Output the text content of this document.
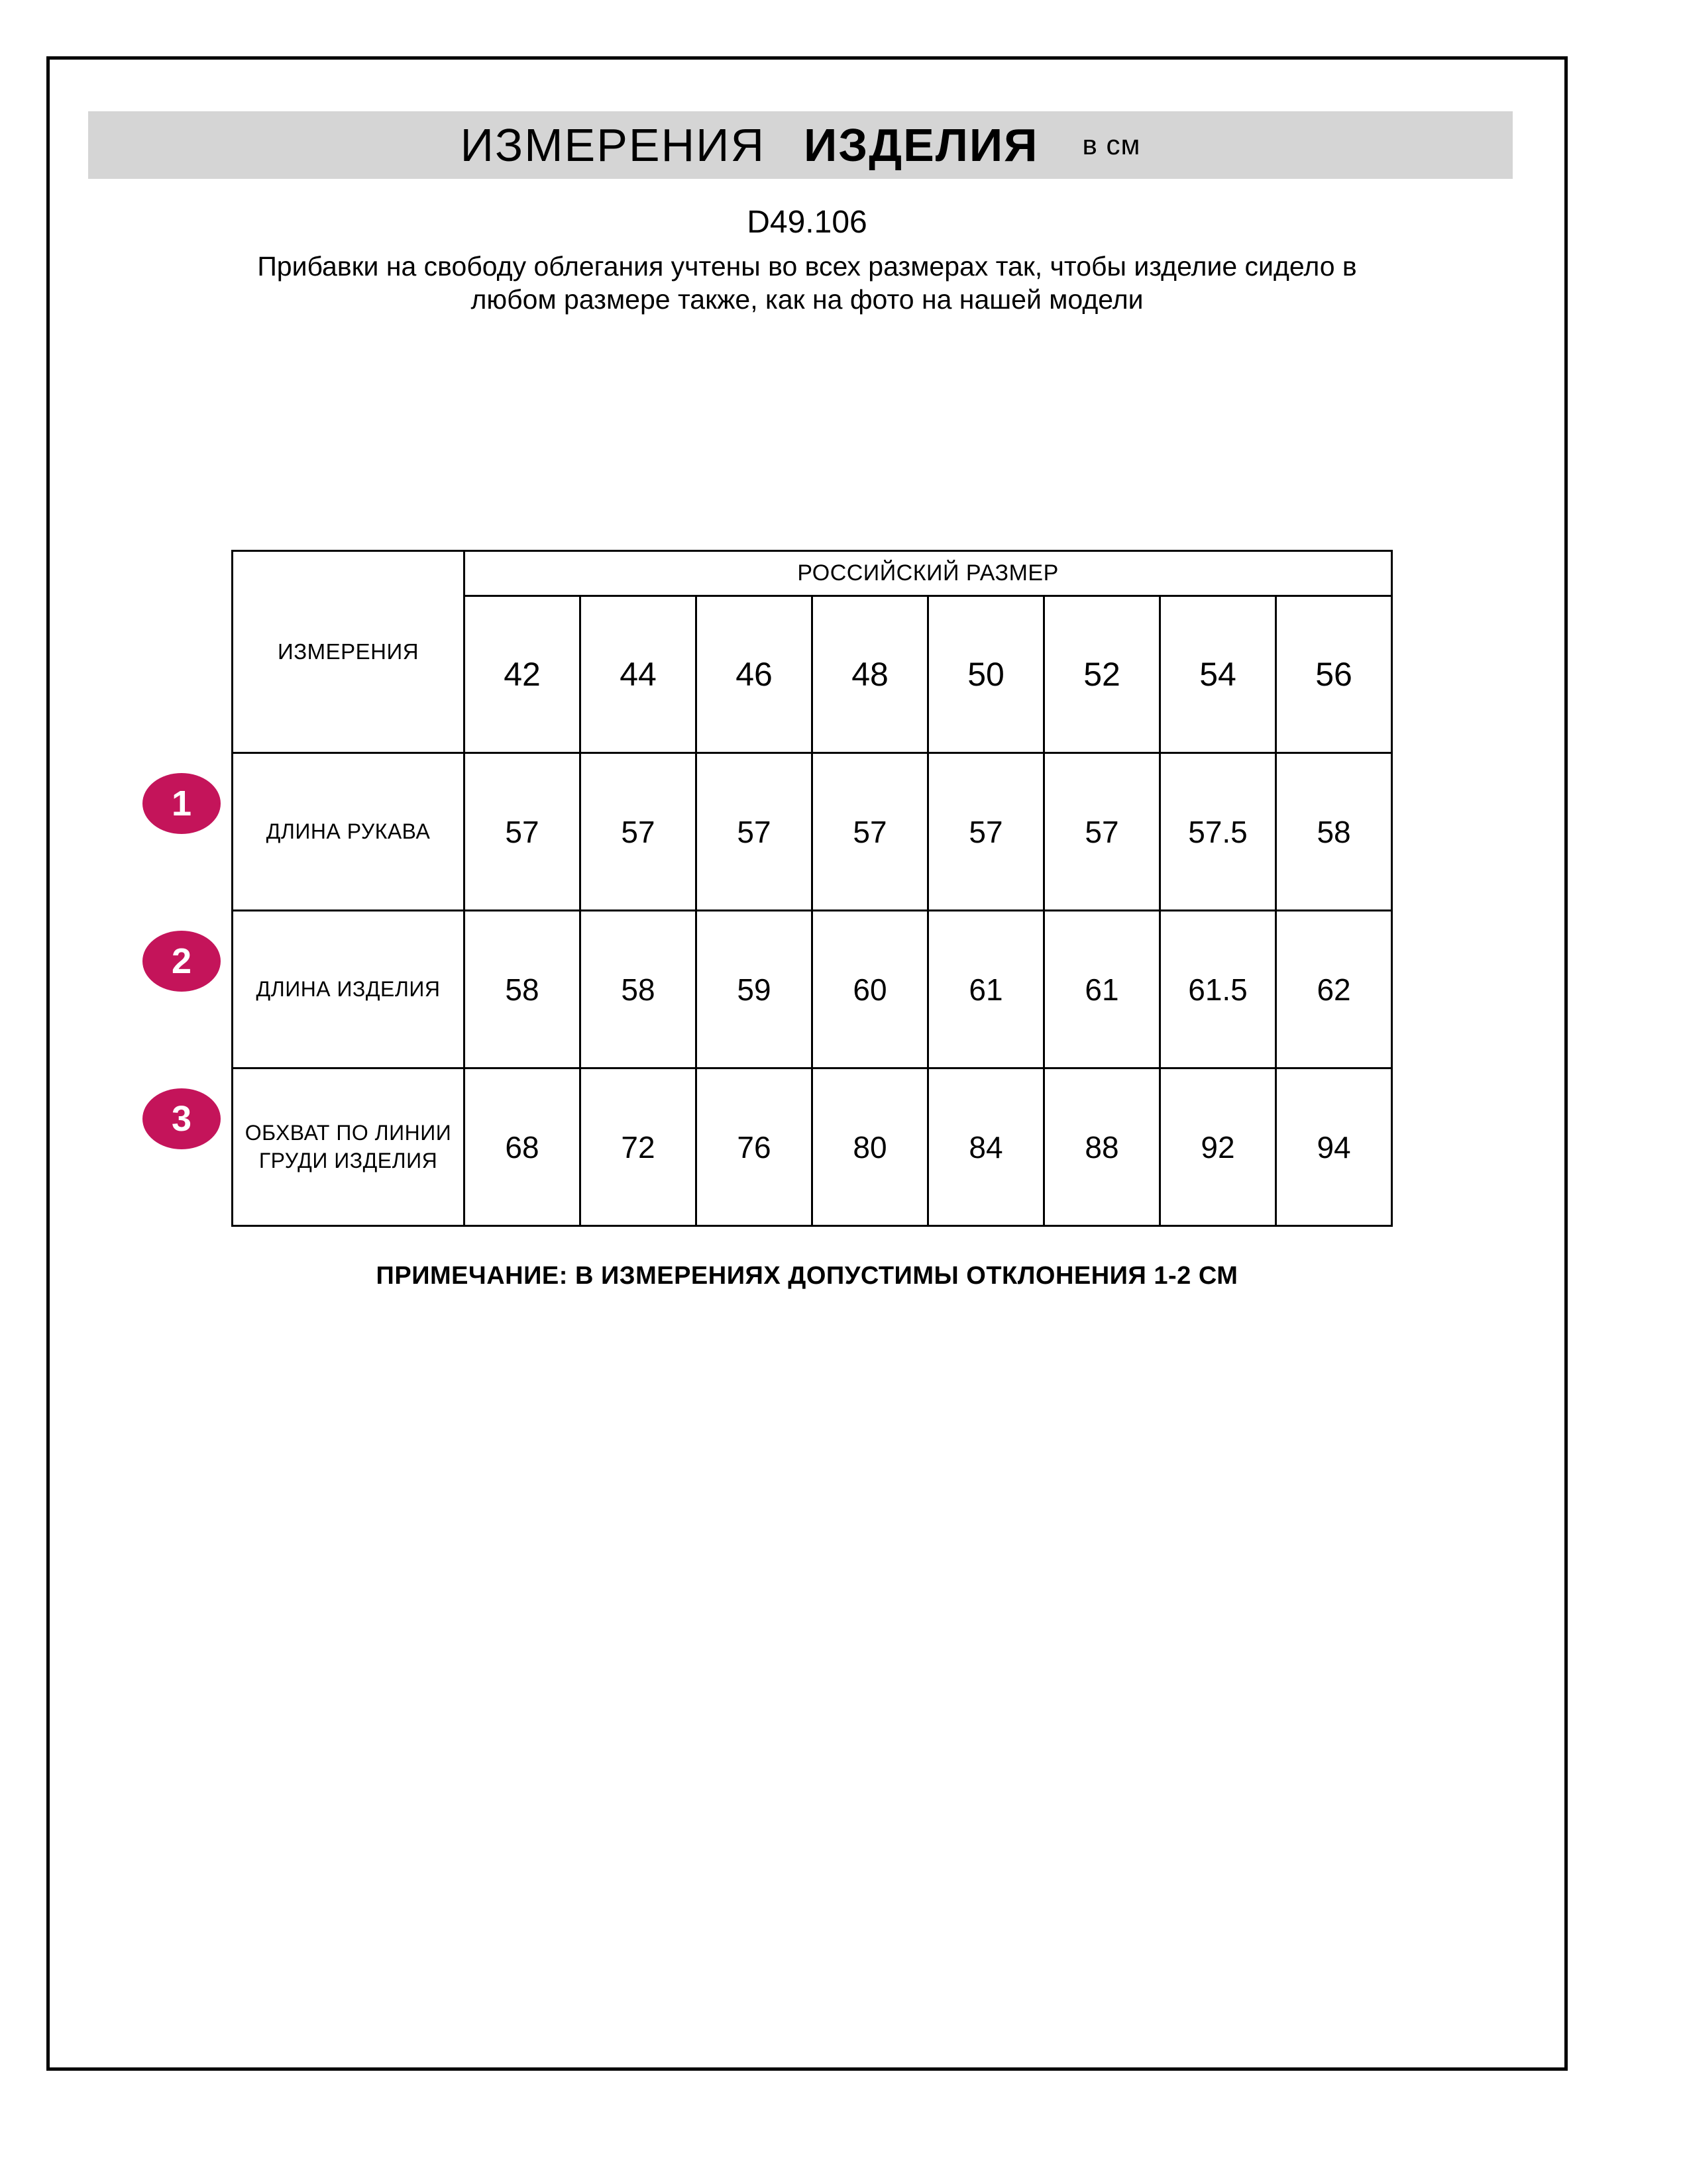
ИЗМЕРЕНИЯ ИЗДЕЛИЯ в см
D49.106
Прибавки на свободу облегания учтены во всех размерах так, чтобы изделие сидело в любом размере также, как на фото на нашей модели
1
2
3
ИЗМЕРЕНИЯ	РОССИЙСКИЙ РАЗМЕР							
	42	44	46	48	50	52	54	56
ДЛИНА РУКАВА	57	57	57	57	57	57	57.5	58
ДЛИНА ИЗДЕЛИЯ	58	58	59	60	61	61	61.5	62
ОБХВАТ ПО ЛИНИИ ГРУДИ ИЗДЕЛИЯ	68	72	76	80	84	88	92	94
ПРИМЕЧАНИЕ: В ИЗМЕРЕНИЯХ ДОПУСТИМЫ ОТКЛОНЕНИЯ 1-2 СМ
